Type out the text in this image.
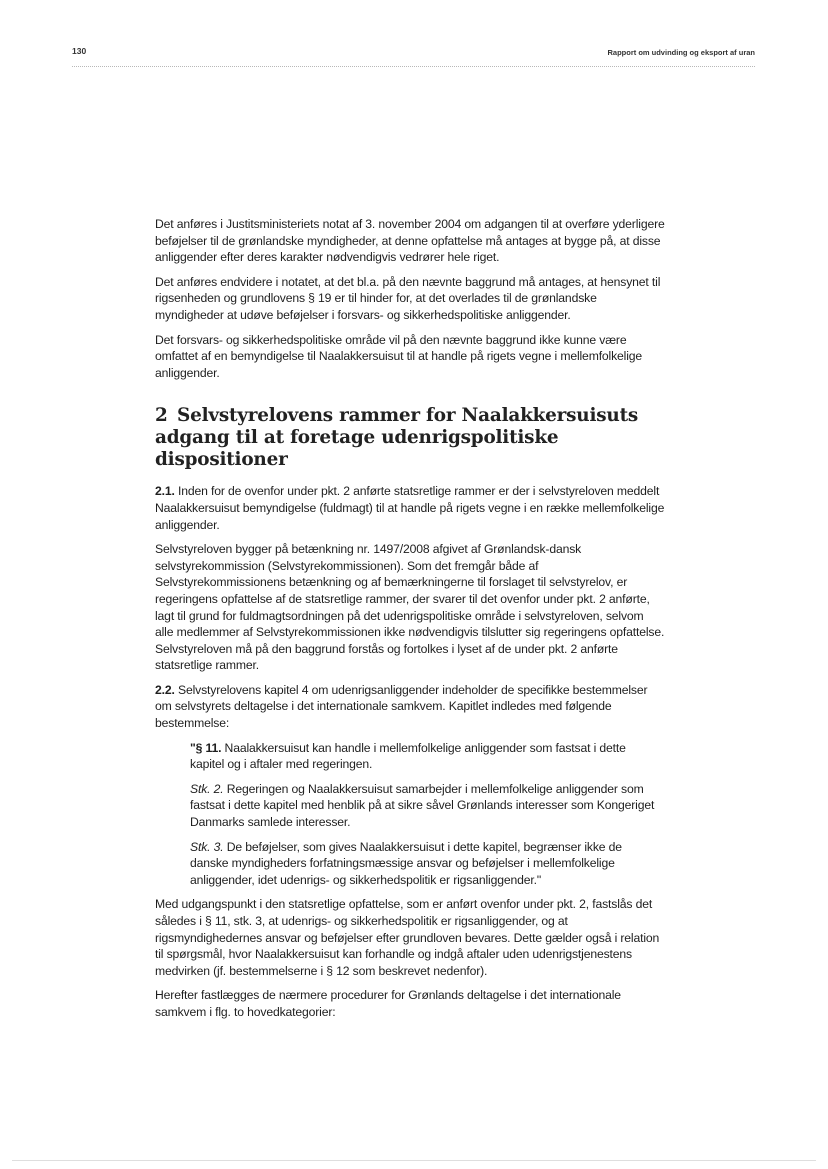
130	Rapport om udvinding og eksport af uran

Det anføres i Justitsministeriets notat af 3. november 2004 om adgangen til at overføre yderligere beføjelser til de grønlandske myndigheder, at denne opfattelse må antages at bygge på, at disse anliggender efter deres karakter nødvendigvis vedrører hele riget.

Det anføres endvidere i notatet, at det bl.a. på den nævnte baggrund må antages, at hensynet til rigsenheden og grundlovens § 19 er til hinder for, at det overlades til de grønlandske myndigheder at udøve beføjelser i forsvars- og sikkerhedspolitiske anliggender.

Det forsvars- og sikkerhedspolitiske område vil på den nævnte baggrund ikke kunne være omfattet af en bemyndigelse til Naalakkersuisut til at handle på rigets vegne i mellemfolkelige anliggender.

2 Selvstyrelovens rammer for Naalakkersuisuts adgang til at foretage udenrigspolitiske dispositioner

2.1. Inden for de ovenfor under pkt. 2 anførte statsretlige rammer er der i selvstyreloven meddelt Naalakkersuisut bemyndigelse (fuldmagt) til at handle på rigets vegne i en række mellemfolkelige anliggender.

Selvstyreloven bygger på betænkning nr. 1497/2008 afgivet af Grønlandsk-dansk selvstyrekommission (Selvstyrekommissionen). Som det fremgår både af Selvstyrekommissionens betænkning og af bemærkningerne til forslaget til selvstyrelov, er regeringens opfattelse af de statsretlige rammer, der svarer til det ovenfor under pkt. 2 anførte, lagt til grund for fuldmagtsordningen på det udenrigspolitiske område i selvstyreloven, selvom alle medlemmer af Selvstyrekommissionen ikke nødvendigvis tilslutter sig regeringens opfattelse. Selvstyreloven må på den baggrund forstås og fortolkes i lyset af de under pkt. 2 anførte statsretlige rammer.

2.2. Selvstyrelovens kapitel 4 om udenrigsanliggender indeholder de specifikke bestemmelser om selvstyrets deltagelse i det internationale samkvem. Kapitlet indledes med følgende bestemmelse:

"§ 11. Naalakkersuisut kan handle i mellemfolkelige anliggender som fastsat i dette kapitel og i aftaler med regeringen.

Stk. 2. Regeringen og Naalakkersuisut samarbejder i mellemfolkelige anliggender som fastsat i dette kapitel med henblik på at sikre såvel Grønlands interesser som Kongeriget Danmarks samlede interesser.

Stk. 3. De beføjelser, som gives Naalakkersuisut i dette kapitel, begrænser ikke de danske myndigheders forfatningsmæssige ansvar og beføjelser i mellemfolkelige anliggender, idet udenrigs- og sikkerhedspolitik er rigsanliggender."

Med udgangspunkt i den statsretlige opfattelse, som er anført ovenfor under pkt. 2, fastslås det således i § 11, stk. 3, at udenrigs- og sikkerhedspolitik er rigsanliggender, og at rigsmyndighedernes ansvar og beføjelser efter grundloven bevares. Dette gælder også i relation til spørgsmål, hvor Naalakkersuisut kan forhandle og indgå aftaler uden udenrigstjenestens medvirken (jf. bestemmelserne i § 12 som beskrevet nedenfor).

Herefter fastlægges de nærmere procedurer for Grønlands deltagelse i det internationale samkvem i flg. to hovedkategorier:
